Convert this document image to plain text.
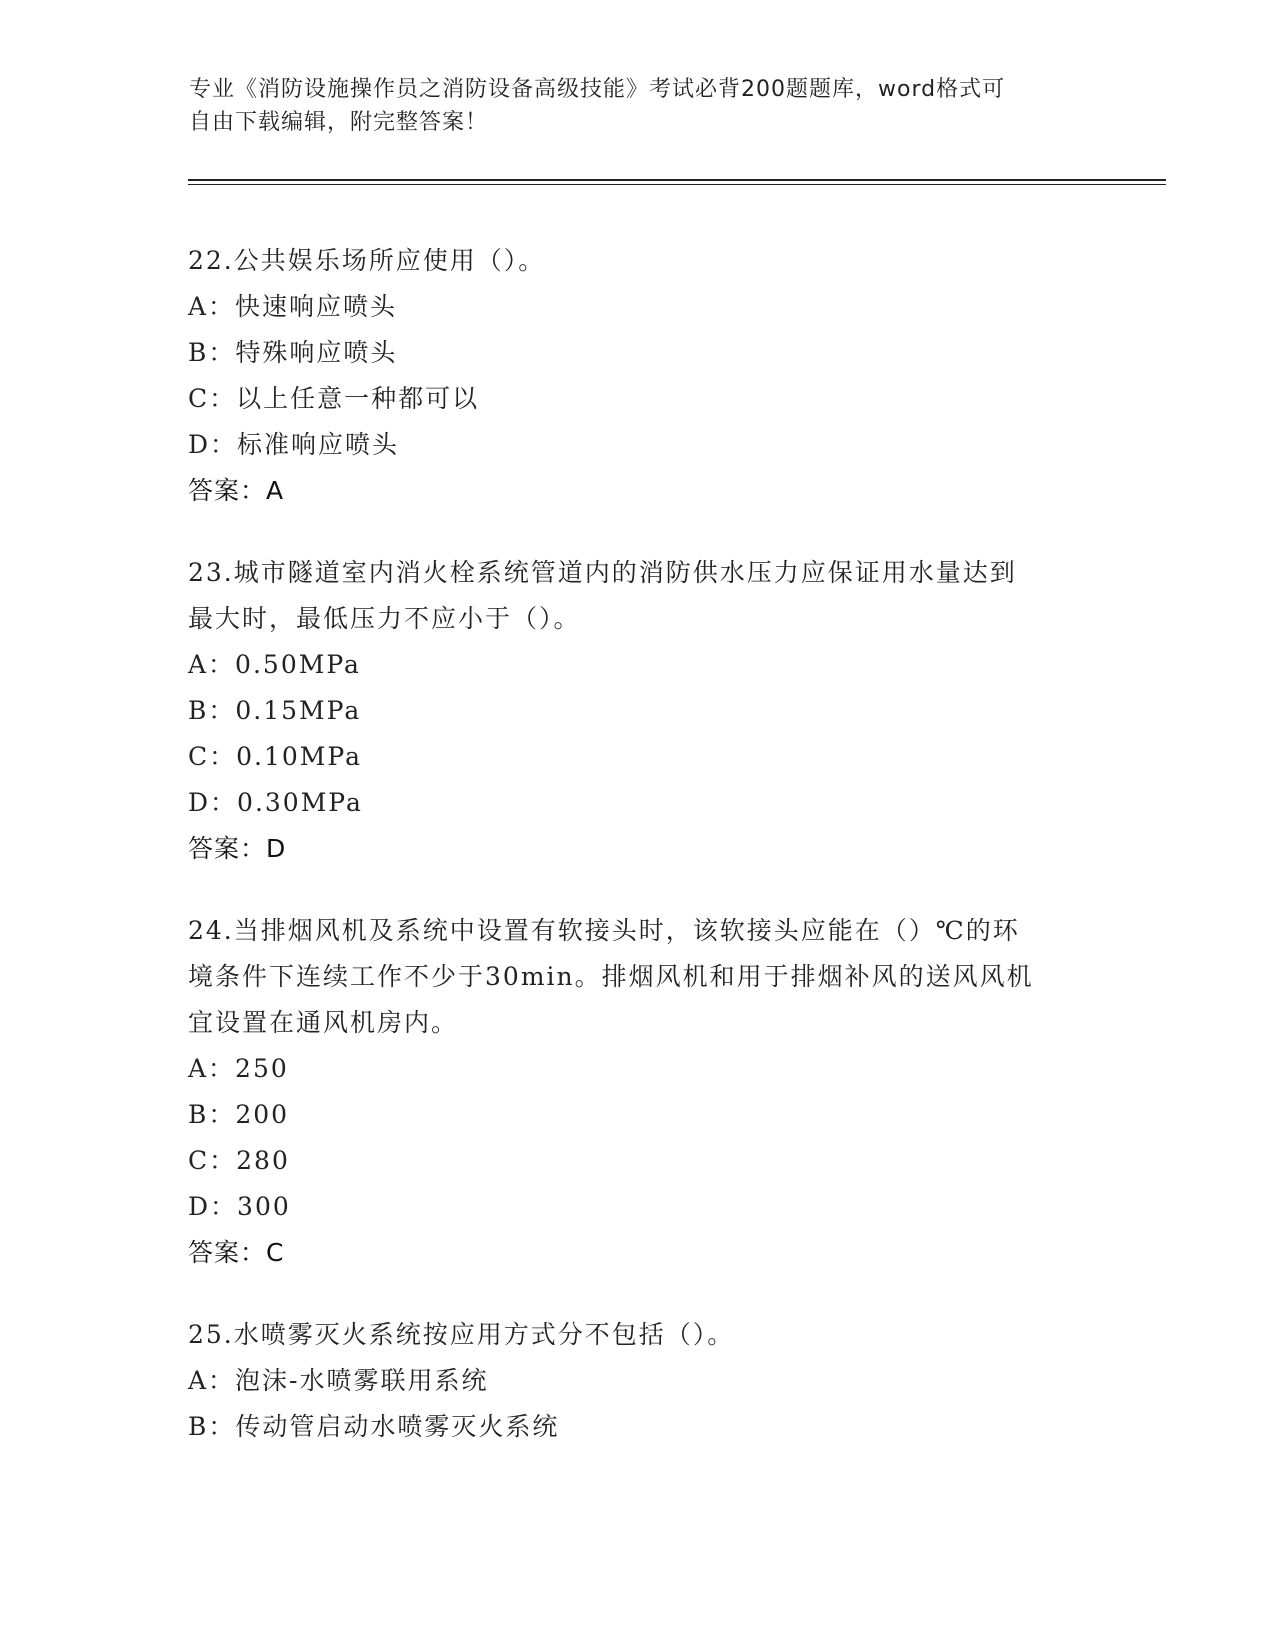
专业《消防设施操作员之消防设备高级技能》考试必背200题题库，word格式可
自由下载编辑，附完整答案！
22.公共娱乐场所应使用（）。
A：快速响应喷头
B：特殊响应喷头
C：以上任意一种都可以
D：标准响应喷头
答案：A
23.城市隧道室内消火栓系统管道内的消防供水压力应保证用水量达到
最大时，最低压力不应小于（）。
A：0.50MPa
B：0.15MPa
C：0.10MPa
D：0.30MPa
答案：D
24.当排烟风机及系统中设置有软接头时，该软接头应能在（）℃的环
境条件下连续工作不少于30min。排烟风机和用于排烟补风的送风风机
宜设置在通风机房内。
A：250
B：200
C：280
D：300
答案：C
25.水喷雾灭火系统按应用方式分不包括（）。
A：泡沫-水喷雾联用系统
B：传动管启动水喷雾灭火系统
